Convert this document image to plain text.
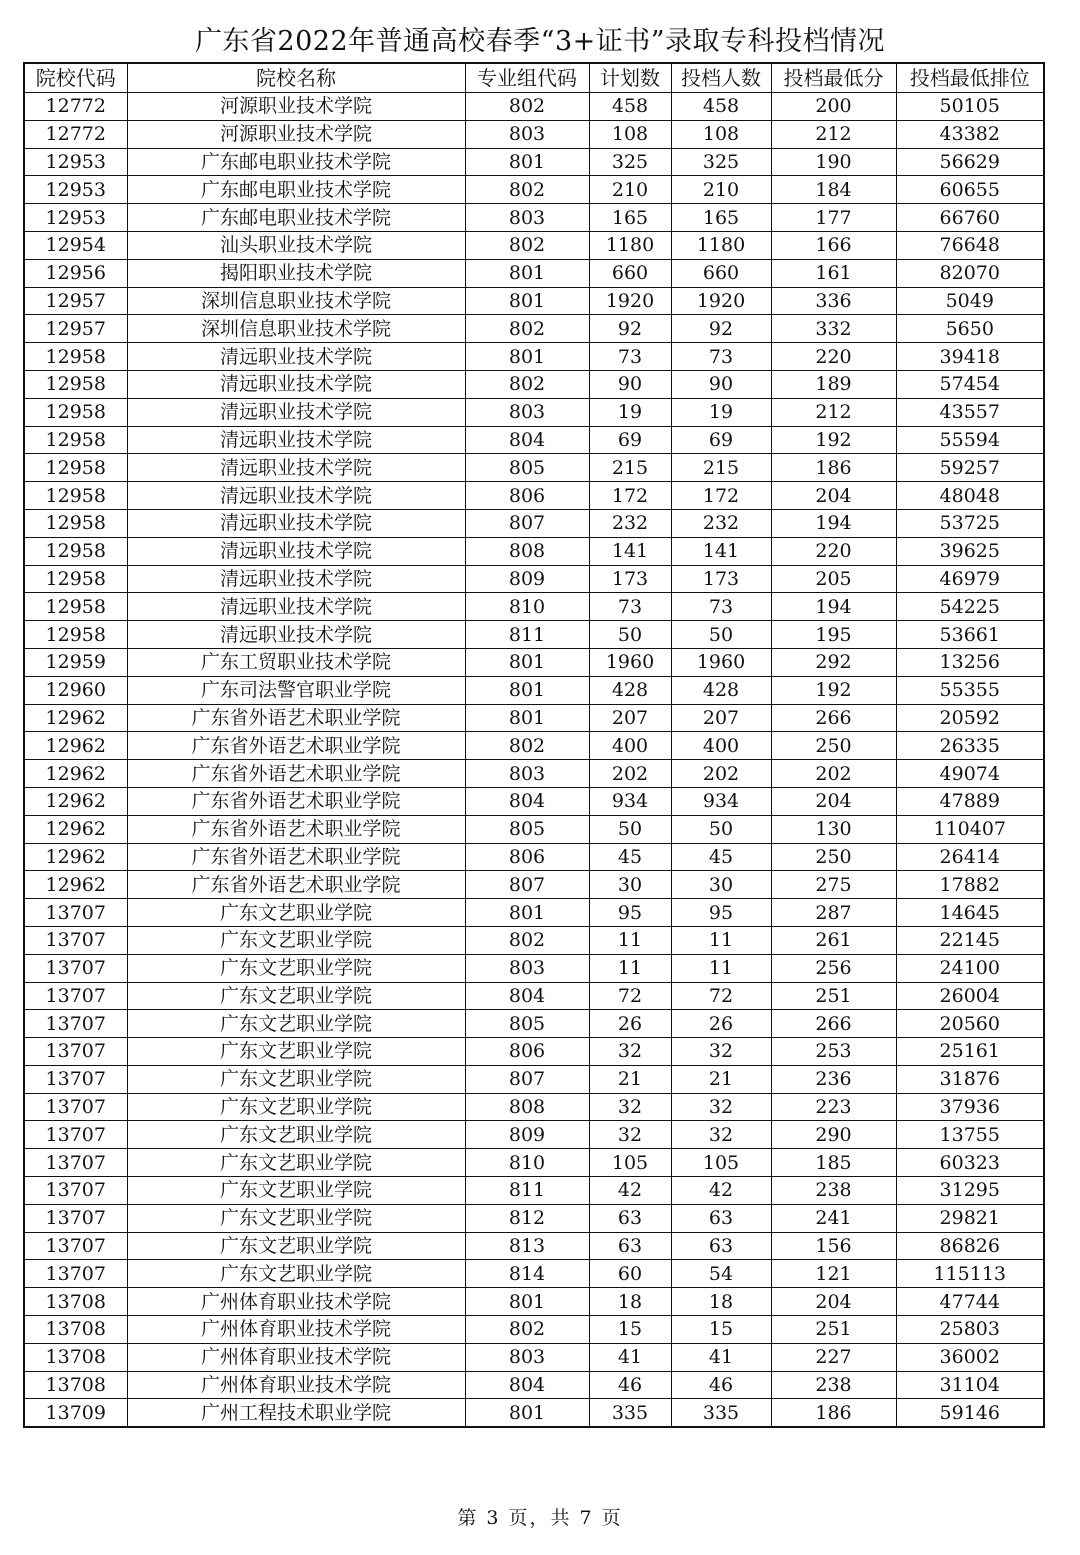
广东省2022年普通高校春季“3+证书”录取专科投档情况
院校代码	院校名称	专业组代码	计划数	投档人数	投档最低分	投档最低排位
12772	河源职业技术学院	802	458	458	200	50105
12772	河源职业技术学院	803	108	108	212	43382
12953	广东邮电职业技术学院	801	325	325	190	56629
12953	广东邮电职业技术学院	802	210	210	184	60655
12953	广东邮电职业技术学院	803	165	165	177	66760
12954	汕头职业技术学院	802	1180	1180	166	76648
12956	揭阳职业技术学院	801	660	660	161	82070
12957	深圳信息职业技术学院	801	1920	1920	336	5049
12957	深圳信息职业技术学院	802	92	92	332	5650
12958	清远职业技术学院	801	73	73	220	39418
12958	清远职业技术学院	802	90	90	189	57454
12958	清远职业技术学院	803	19	19	212	43557
12958	清远职业技术学院	804	69	69	192	55594
12958	清远职业技术学院	805	215	215	186	59257
12958	清远职业技术学院	806	172	172	204	48048
12958	清远职业技术学院	807	232	232	194	53725
12958	清远职业技术学院	808	141	141	220	39625
12958	清远职业技术学院	809	173	173	205	46979
12958	清远职业技术学院	810	73	73	194	54225
12958	清远职业技术学院	811	50	50	195	53661
12959	广东工贸职业技术学院	801	1960	1960	292	13256
12960	广东司法警官职业学院	801	428	428	192	55355
12962	广东省外语艺术职业学院	801	207	207	266	20592
12962	广东省外语艺术职业学院	802	400	400	250	26335
12962	广东省外语艺术职业学院	803	202	202	202	49074
12962	广东省外语艺术职业学院	804	934	934	204	47889
12962	广东省外语艺术职业学院	805	50	50	130	110407
12962	广东省外语艺术职业学院	806	45	45	250	26414
12962	广东省外语艺术职业学院	807	30	30	275	17882
13707	广东文艺职业学院	801	95	95	287	14645
13707	广东文艺职业学院	802	11	11	261	22145
13707	广东文艺职业学院	803	11	11	256	24100
13707	广东文艺职业学院	804	72	72	251	26004
13707	广东文艺职业学院	805	26	26	266	20560
13707	广东文艺职业学院	806	32	32	253	25161
13707	广东文艺职业学院	807	21	21	236	31876
13707	广东文艺职业学院	808	32	32	223	37936
13707	广东文艺职业学院	809	32	32	290	13755
13707	广东文艺职业学院	810	105	105	185	60323
13707	广东文艺职业学院	811	42	42	238	31295
13707	广东文艺职业学院	812	63	63	241	29821
13707	广东文艺职业学院	813	63	63	156	86826
13707	广东文艺职业学院	814	60	54	121	115113
13708	广州体育职业技术学院	801	18	18	204	47744
13708	广州体育职业技术学院	802	15	15	251	25803
13708	广州体育职业技术学院	803	41	41	227	36002
13708	广州体育职业技术学院	804	46	46	238	31104
13709	广州工程技术职业学院	801	335	335	186	59146
第 3 页，共 7 页
